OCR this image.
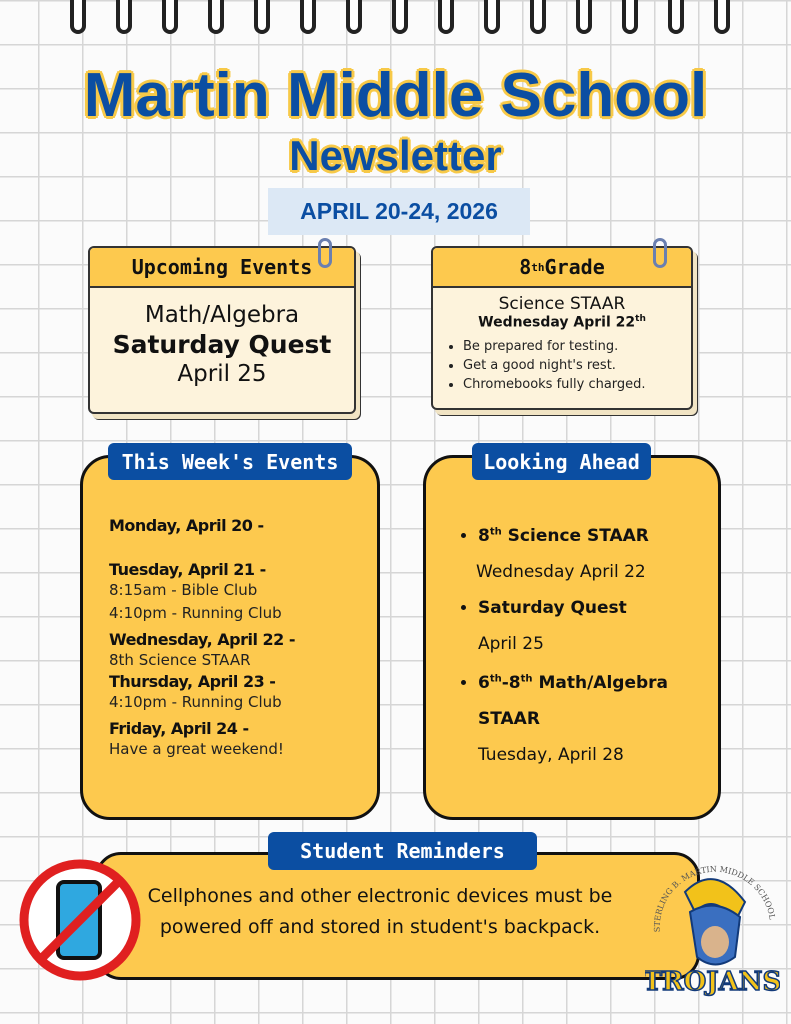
Martin Middle School
Newsletter
APRIL 20-24, 2026
Upcoming Events
Math/Algebra
Saturday Quest
April 25
8 th Grade
Science STAAR
Wednesday April 22th
• Be prepared for testing.
• Get a good night's rest.
• Chromebooks fully charged.
Monday, April 20 -
Tuesday, April 21 -
8:15am - Bible Club
4:10pm - Running Club
Wednesday, April 22 -
8th Science STAAR
Thursday, April 23 -
4:10pm - Running Club
Friday, April 24 -
Have a great weekend!
This Week's Events
• 8th Science STAAR
Wednesday April 22
• Saturday Quest
April 25
• 6th-8th Math/Algebra
STAAR
Tuesday, April 28
Looking Ahead
Cellphones and other electronic devices must be powered off and stored in student's backpack.
Student Reminders
STERLING B. MARTIN MIDDLE SCHOOL
TROJANS
